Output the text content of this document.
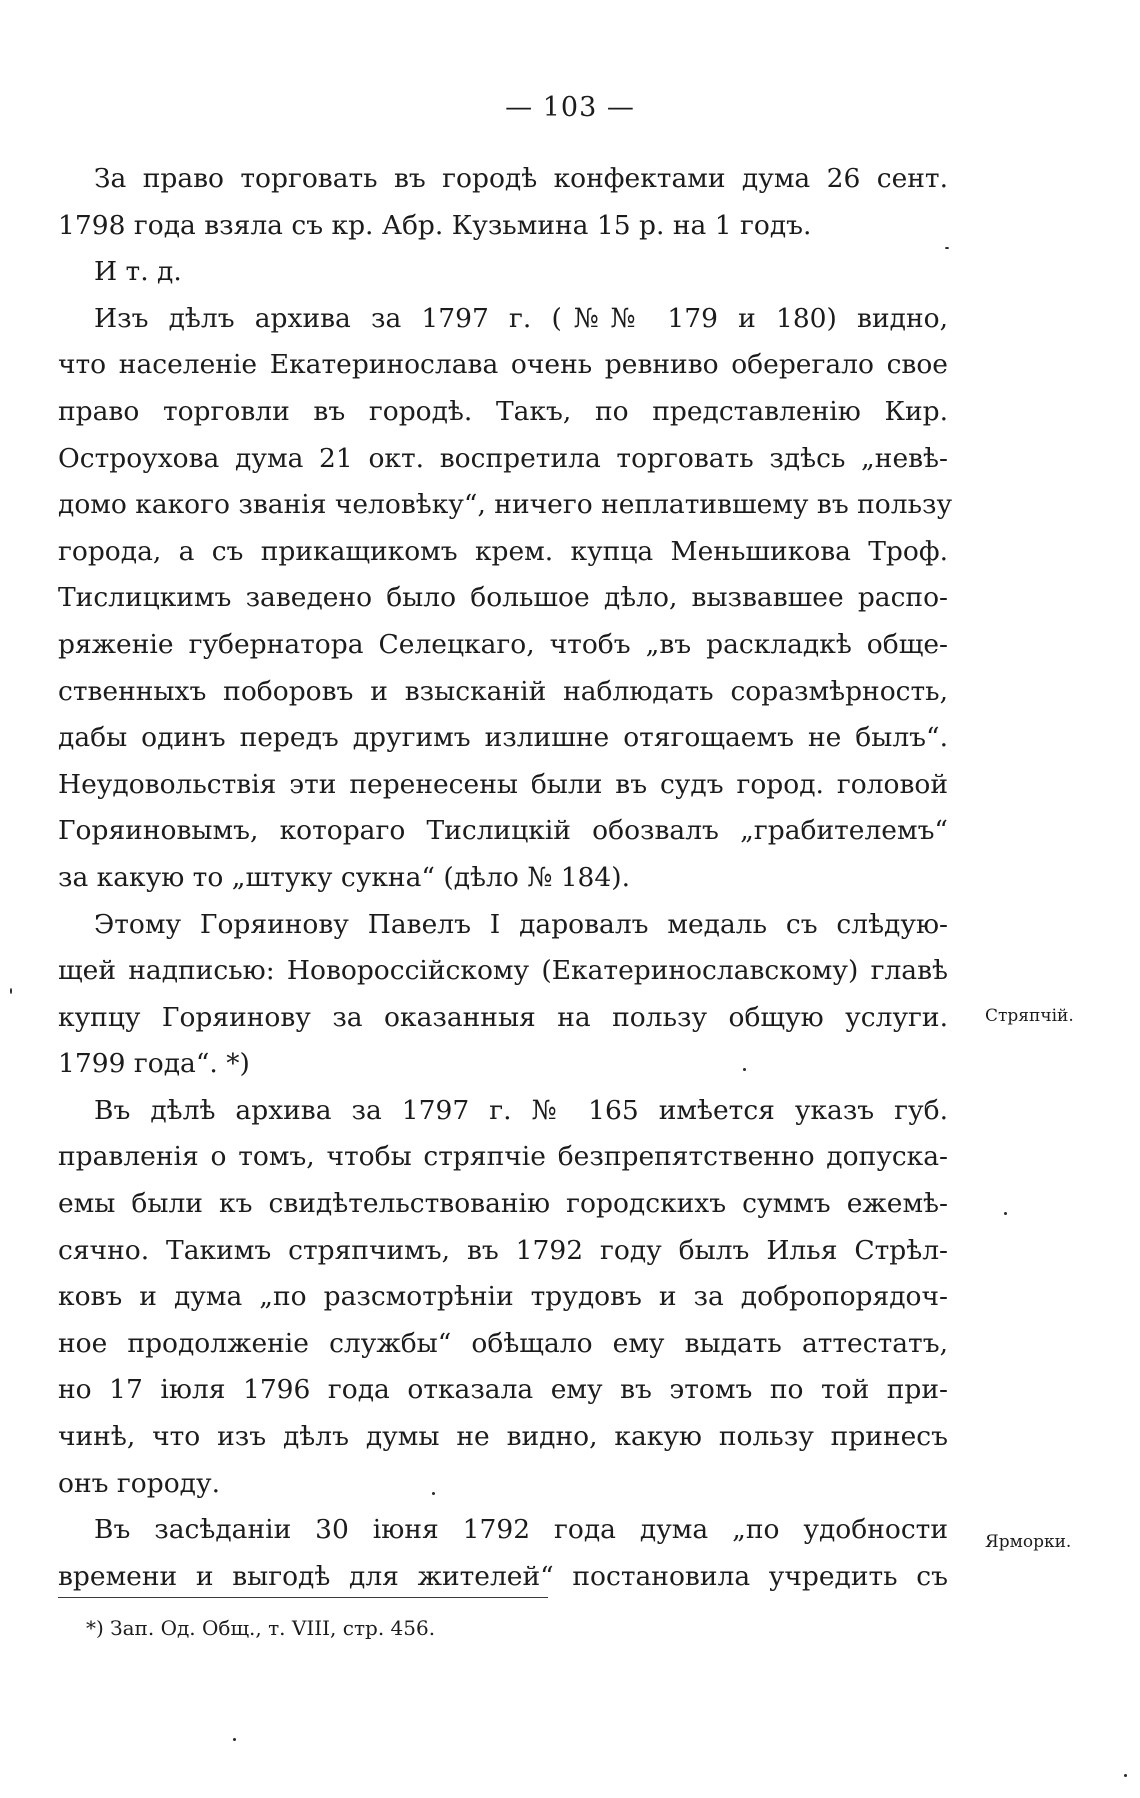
— 103 —
За право торговать въ городѣ конфектами дума 26 сент.
1798 года взяла съ кр. Абр. Кузьмина 15 р. на 1 годъ.
И т. д.
Изъ дѣлъ архива за 1797 г. (№№ 179 и 180) видно,
что населеніе Екатеринослава очень ревниво оберегало свое
право торговли въ городѣ. Такъ, по представленію Кир.
Остроухова дума 21 окт. воспретила торговать здѣсь „невѣ-
домо какого званія человѣку“, ничего неплатившему въ пользу
города, а съ прикащикомъ крем. купца Меньшикова Троф.
Тислицкимъ заведено было большое дѣло, вызвавшее распо-
ряженіе губернатора Селецкаго, чтобъ „въ раскладкѣ обще-
ственныхъ поборовъ и взысканій наблюдать соразмѣрность,
дабы одинъ передъ другимъ излишне отягощаемъ не былъ“.
Неудовольствія эти перенесены были въ судъ город. головой
Горяиновымъ, котораго Тислицкій обозвалъ „грабителемъ“
за какую то „штуку сукна“ (дѣло № 184).
Этому Горяинову Павелъ I даровалъ медаль съ слѣдую-
щей надписью: Новороссійскому (Екатеринославскому) главѣ
купцу Горяинову за оказанныя на пользу общую услуги.
1799 года“. *)
Въ дѣлѣ архива за 1797 г. № 165 имѣется указъ губ.
правленія о томъ, чтобы стряпчіе безпрепятственно допуска-
емы были къ свидѣтельствованію городскихъ суммъ ежемѣ-
сячно. Такимъ стряпчимъ, въ 1792 году былъ Илья Стрѣл-
ковъ и дума „по разсмотрѣніи трудовъ и за добропорядоч-
ное продолженіе службы“ обѣщало ему выдать аттестатъ,
но 17 іюля 1796 года отказала ему въ этомъ по той при-
чинѣ, что изъ дѣлъ думы не видно, какую пользу принесъ
онъ городу.
Въ засѣданіи 30 іюня 1792 года дума „по удобности
времени и выгодѣ для жителей“ постановила учредить съ
Стряпчій.
Ярморки.
*) Зап. Од. Общ., т. VIII, стр. 456.
